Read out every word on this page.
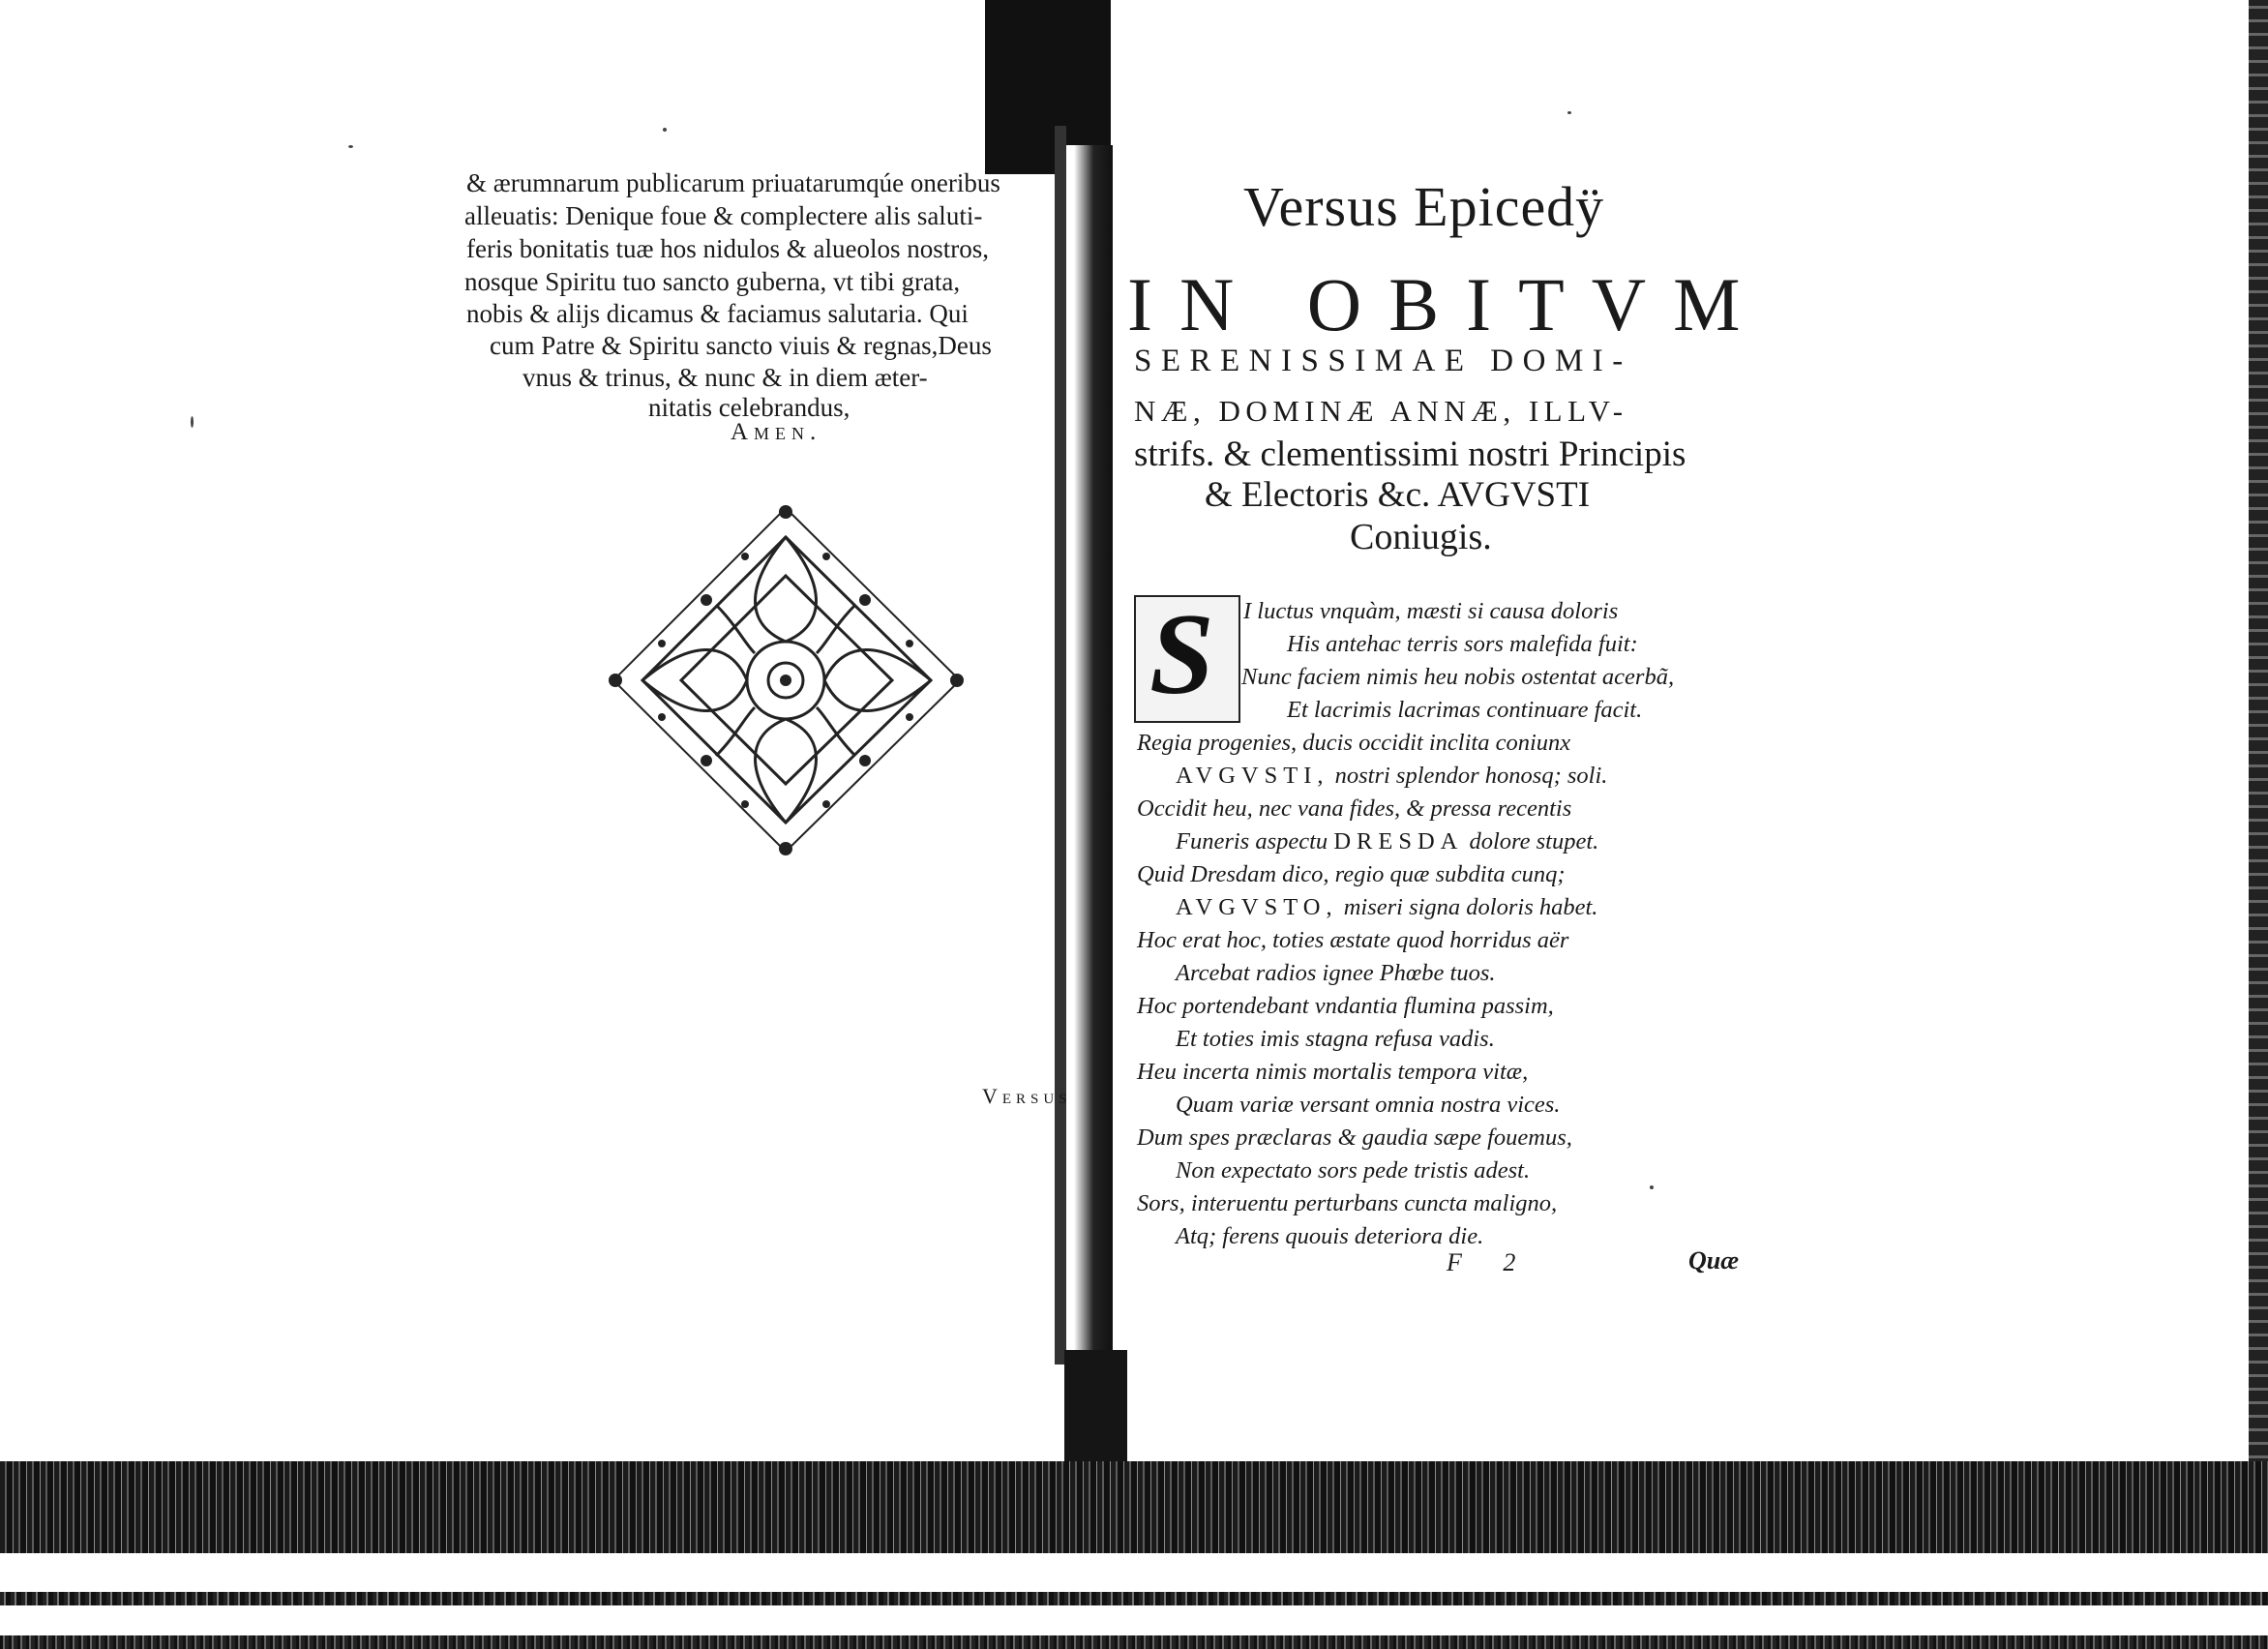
& ærumnarum publicarum priuatarumqúe oneribus
alleuatis: Denique foue & complectere alis saluti-
feris bonitatis tuæ hos nidulos & alueolos nostros,
nosque Spiritu tuo sancto guberna, vt tibi grata,
nobis & alijs dicamus & faciamus salutaria. Qui
cum Patre & Spiritu sancto viuis & regnas,Deus
vnus & trinus, & nunc & in diem æter-
nitatis celebrandus,
Amen.
Versus
Versus Epicedÿ
IN OBITVM
SERENISSIMAE DOMI-
NÆ, DOMINÆ ANNÆ, ILLV-
strifs. & clementissimi nostri Principis
& Electoris &c. AVGVSTI
Coniugis.
S I luctus vnquàm, mæsti si causa doloris
His antehac terris sors malefida fuit:
Nunc faciem nimis heu nobis ostentat acerbã,
Et lacrimis lacrimas continuare facit.
Regia progenies, ducis occidit inclita coniunx
AVGVSTI, nostri splendor honosq; soli.
Occidit heu, nec vana fides, & pressa recentis
Funeris aspectu DRESDA dolore stupet.
Quid Dresdam dico, regio quæ subdita cunq;
AVGVSTO, miseri signa doloris habet.
Hoc erat hoc, toties æstate quod horridus aër
Arcebat radios ignee Phœbe tuos.
Hoc portendebant vndantia flumina passim,
Et toties imis stagna refusa vadis.
Heu incerta nimis mortalis tempora vitæ,
Quam variæ versant omnia nostra vices.
Dum spes præclaras & gaudia sæpe fouemus,
Non expectato sors pede tristis adest.
Sors, interuentu perturbans cuncta maligno,
Atq; ferens quouis deteriora die.
F 2	Quæ
